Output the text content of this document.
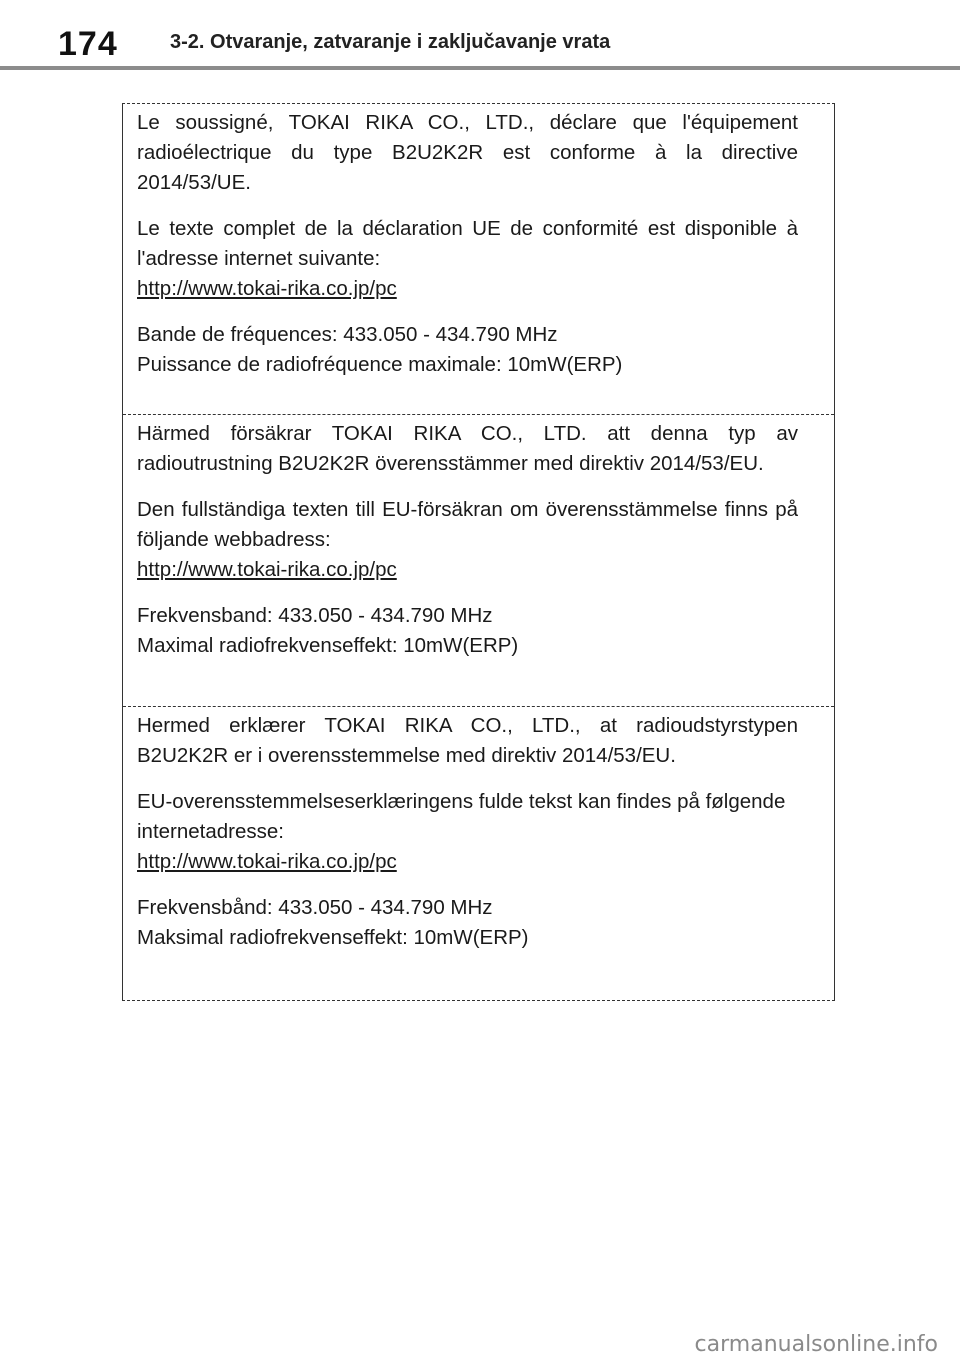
174	3-2. Otvaranje, zatvaranje i zaključavanje vrata

Le soussigné, TOKAI RIKA CO., LTD., déclare que l'équipement radioélectrique du type B2U2K2R est conforme à la directive 2014/53/UE.

Le texte complet de la déclaration UE de conformité est disponible à l'adresse internet suivante:

http://www.tokai-rika.co.jp/pc

Bande de fréquences: 433.050 - 434.790 MHz

Puissance de radiofréquence maximale: 10mW(ERP)

Härmed försäkrar TOKAI RIKA CO., LTD. att denna typ av radioutrustning B2U2K2R överensstämmer med direktiv 2014/53/EU.

Den fullständiga texten till EU-försäkran om överensstämmelse finns på följande webbadress:

http://www.tokai-rika.co.jp/pc

Frekvensband: 433.050 - 434.790 MHz

Maximal radiofrekvenseffekt: 10mW(ERP)

Hermed erklærer TOKAI RIKA CO., LTD., at radioudstyrstypen B2U2K2R er i overensstemmelse med direktiv 2014/53/EU.

EU-overensstemmelseserklæringens fulde tekst kan findes på følgende internetadresse:

http://www.tokai-rika.co.jp/pc

Frekvensbånd: 433.050 - 434.790 MHz

Maksimal radiofrekvenseffekt: 10mW(ERP)

carmanualsonline.info
